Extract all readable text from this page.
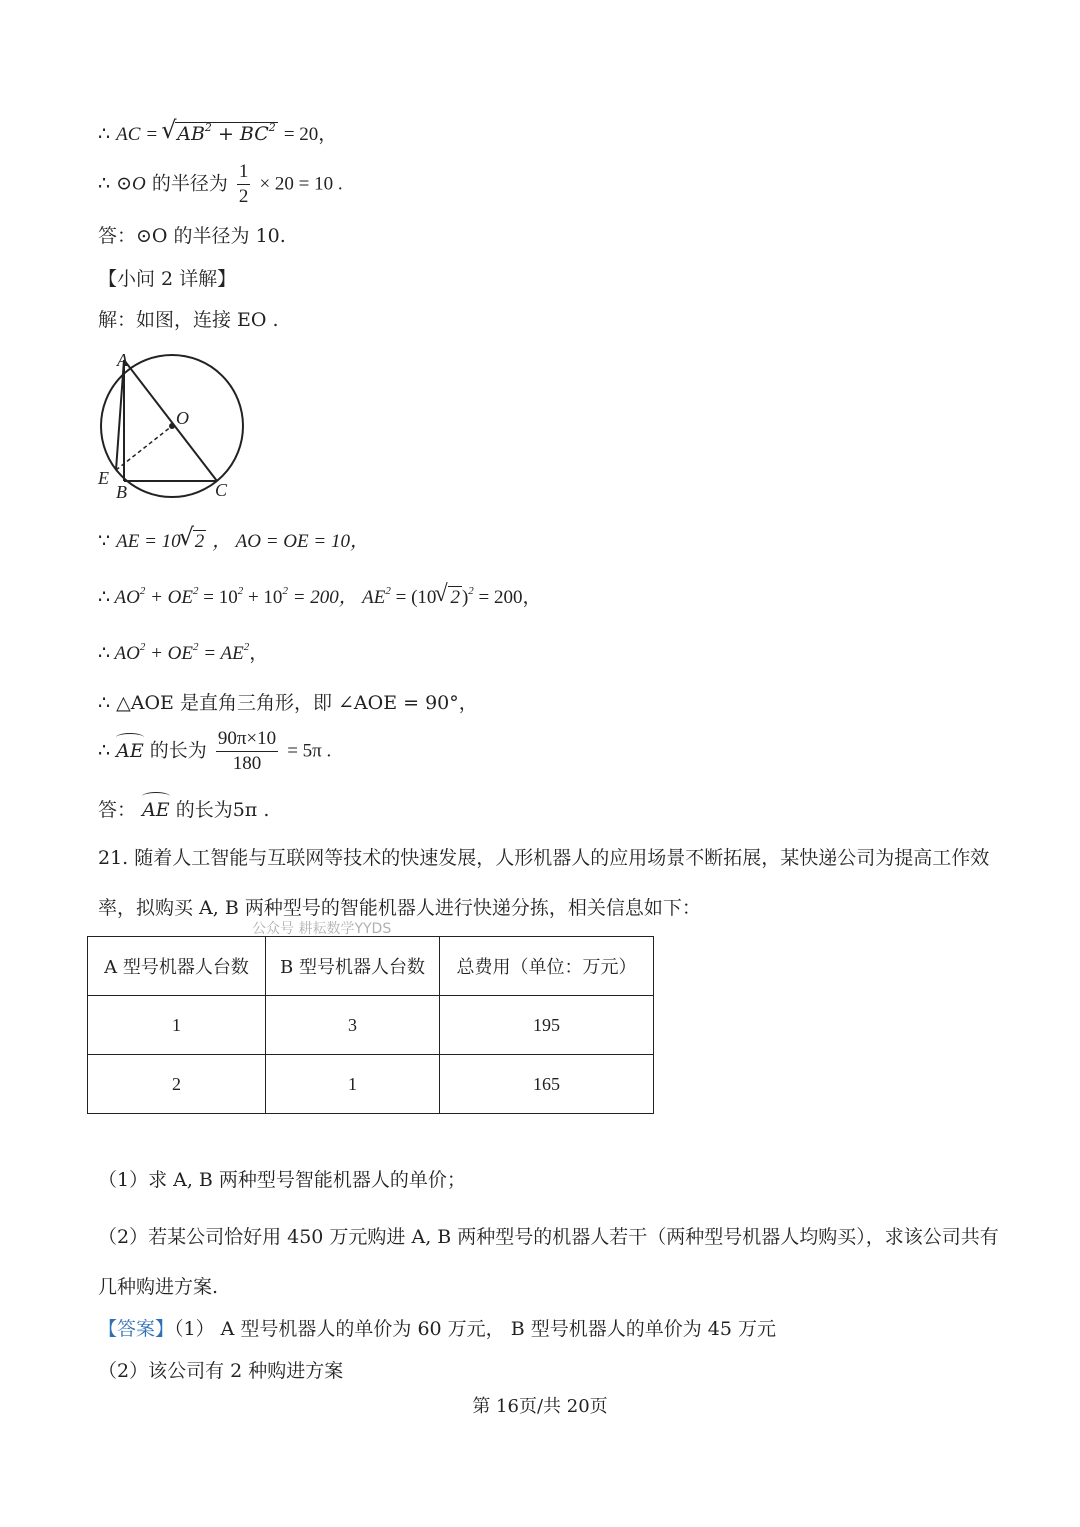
∴ AC = √ $AB^2 + BC^2 = 20$，
∴ ⊙O 的半径为 $\frac{1}{2} \times 20 = 10$ .
答：⊙O 的半径为 10.
【小问 2 详解】
解：如图，连接 EO .
A
O
E
B	C
∵ AE = 10 √ 2 ， AO = OE = 10，
∴ $AO^2 + OE^2 = 10^2 + 10^2 = 200$， $AE^2 = (10$ √ 2 )$^2$ = 200，
∴ $AO^2 + OE^2 = AE^2$，
∴ △AOE 是直角三角形，即 ∠AOE = 90°，
∴ AE 的长为 $\frac{90\pi\times 10}{180} = 5\pi$ .
答： AE 的长为5π .
21. 随着人工智能与互联网等技术的快速发展，人形机器人的应用场景不断拓展，某快递公司为提高工作效
率，拟购买 A, B 两种型号的智能机器人进行快递分拣，相关信息如下：
公众号 耕耘数学YYDS
A 型号机器人台数	B 型号机器人台数	总费用（单位：万元）
1	3	195
2	1	165
（1）求 A, B 两种型号智能机器人的单价；
（2）若某公司恰好用 450 万元购进 A, B 两种型号的机器人若干（两种型号机器人均购买），求该公司共有
几种购进方案.
【答案】（1） A 型号机器人的单价为 60 万元， B 型号机器人的单价为 45 万元
（2）该公司有 2 种购进方案
第 16页/共 20页
